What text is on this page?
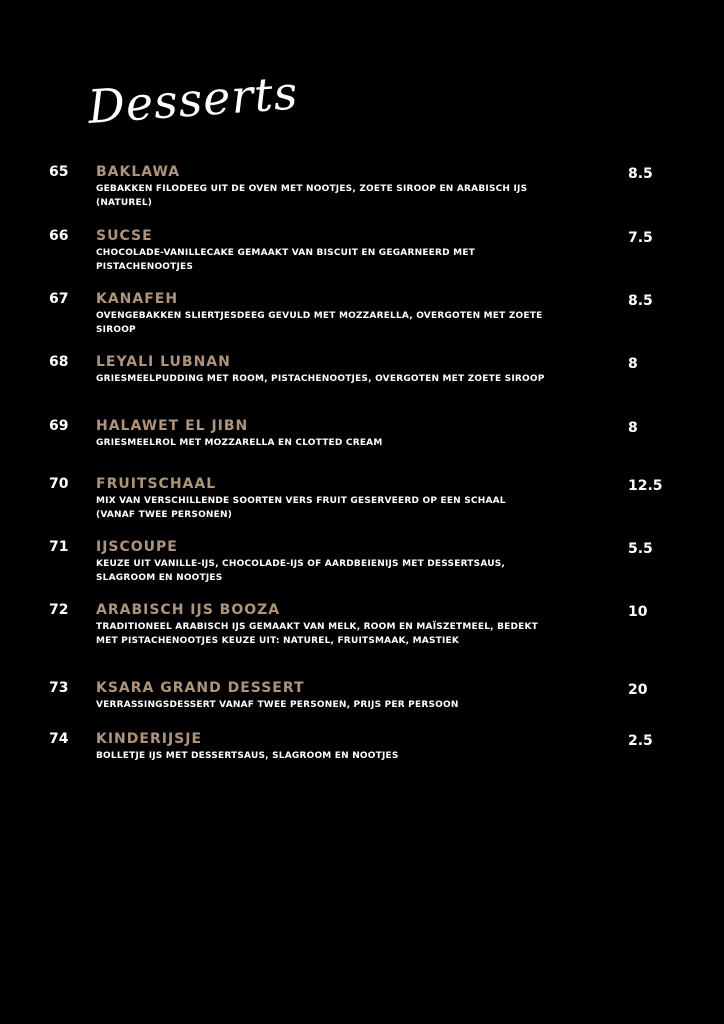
Desserts
65 BAKLAWA
GEBAKKEN FILODEEG UIT DE OVEN MET NOOTJES, ZOETE SIROOP EN ARABISCH IJS (NATUREL)
8.5
66 SUCSE
CHOCOLADE-VANILLECAKE GEMAAKT VAN BISCUIT EN GEGARNEERD MET PISTACHENOOTJES
7.5
67 KANAFEH
OVENGEBAKKEN SLIERTJESDEEG GEVULD MET MOZZARELLA, OVERGOTEN MET ZOETE SIROOP
8.5
68 LEYALI LUBNAN
GRIESMEELPUDDING MET ROOM, PISTACHENOOTJES, OVERGOTEN MET ZOETE SIROOP
8
69 HALAWET EL JIBN
GRIESMEELROL MET MOZZARELLA EN CLOTTED CREAM
8
70 FRUITSCHAAL
MIX VAN VERSCHILLENDE SOORTEN VERS FRUIT GESERVEERD OP EEN SCHAAL (VANAF TWEE PERSONEN)
12.5
71 IJSCOUPE
KEUZE UIT VANILLE-IJS, CHOCOLADE-IJS OF AARDBEIENIJS MET DESSERTSAUS, SLAGROOM EN NOOTJES
5.5
72 ARABISCH IJS BOOZA
TRADITIONEEL ARABISCH IJS GEMAAKT VAN MELK, ROOM EN MAÏSZETMEEL, BEDEKT MET PISTACHENOOTJES KEUZE UIT: NATUREL, FRUITSMAAK, MASTIEK
10
73 KSARA GRAND DESSERT
VERRASSINGSDESSERT VANAF TWEE PERSONEN, PRIJS PER PERSOON
20
74 KINDERIJSJE
BOLLETJE IJS MET DESSERTSAUS, SLAGROOM EN NOOTJES
2.5
